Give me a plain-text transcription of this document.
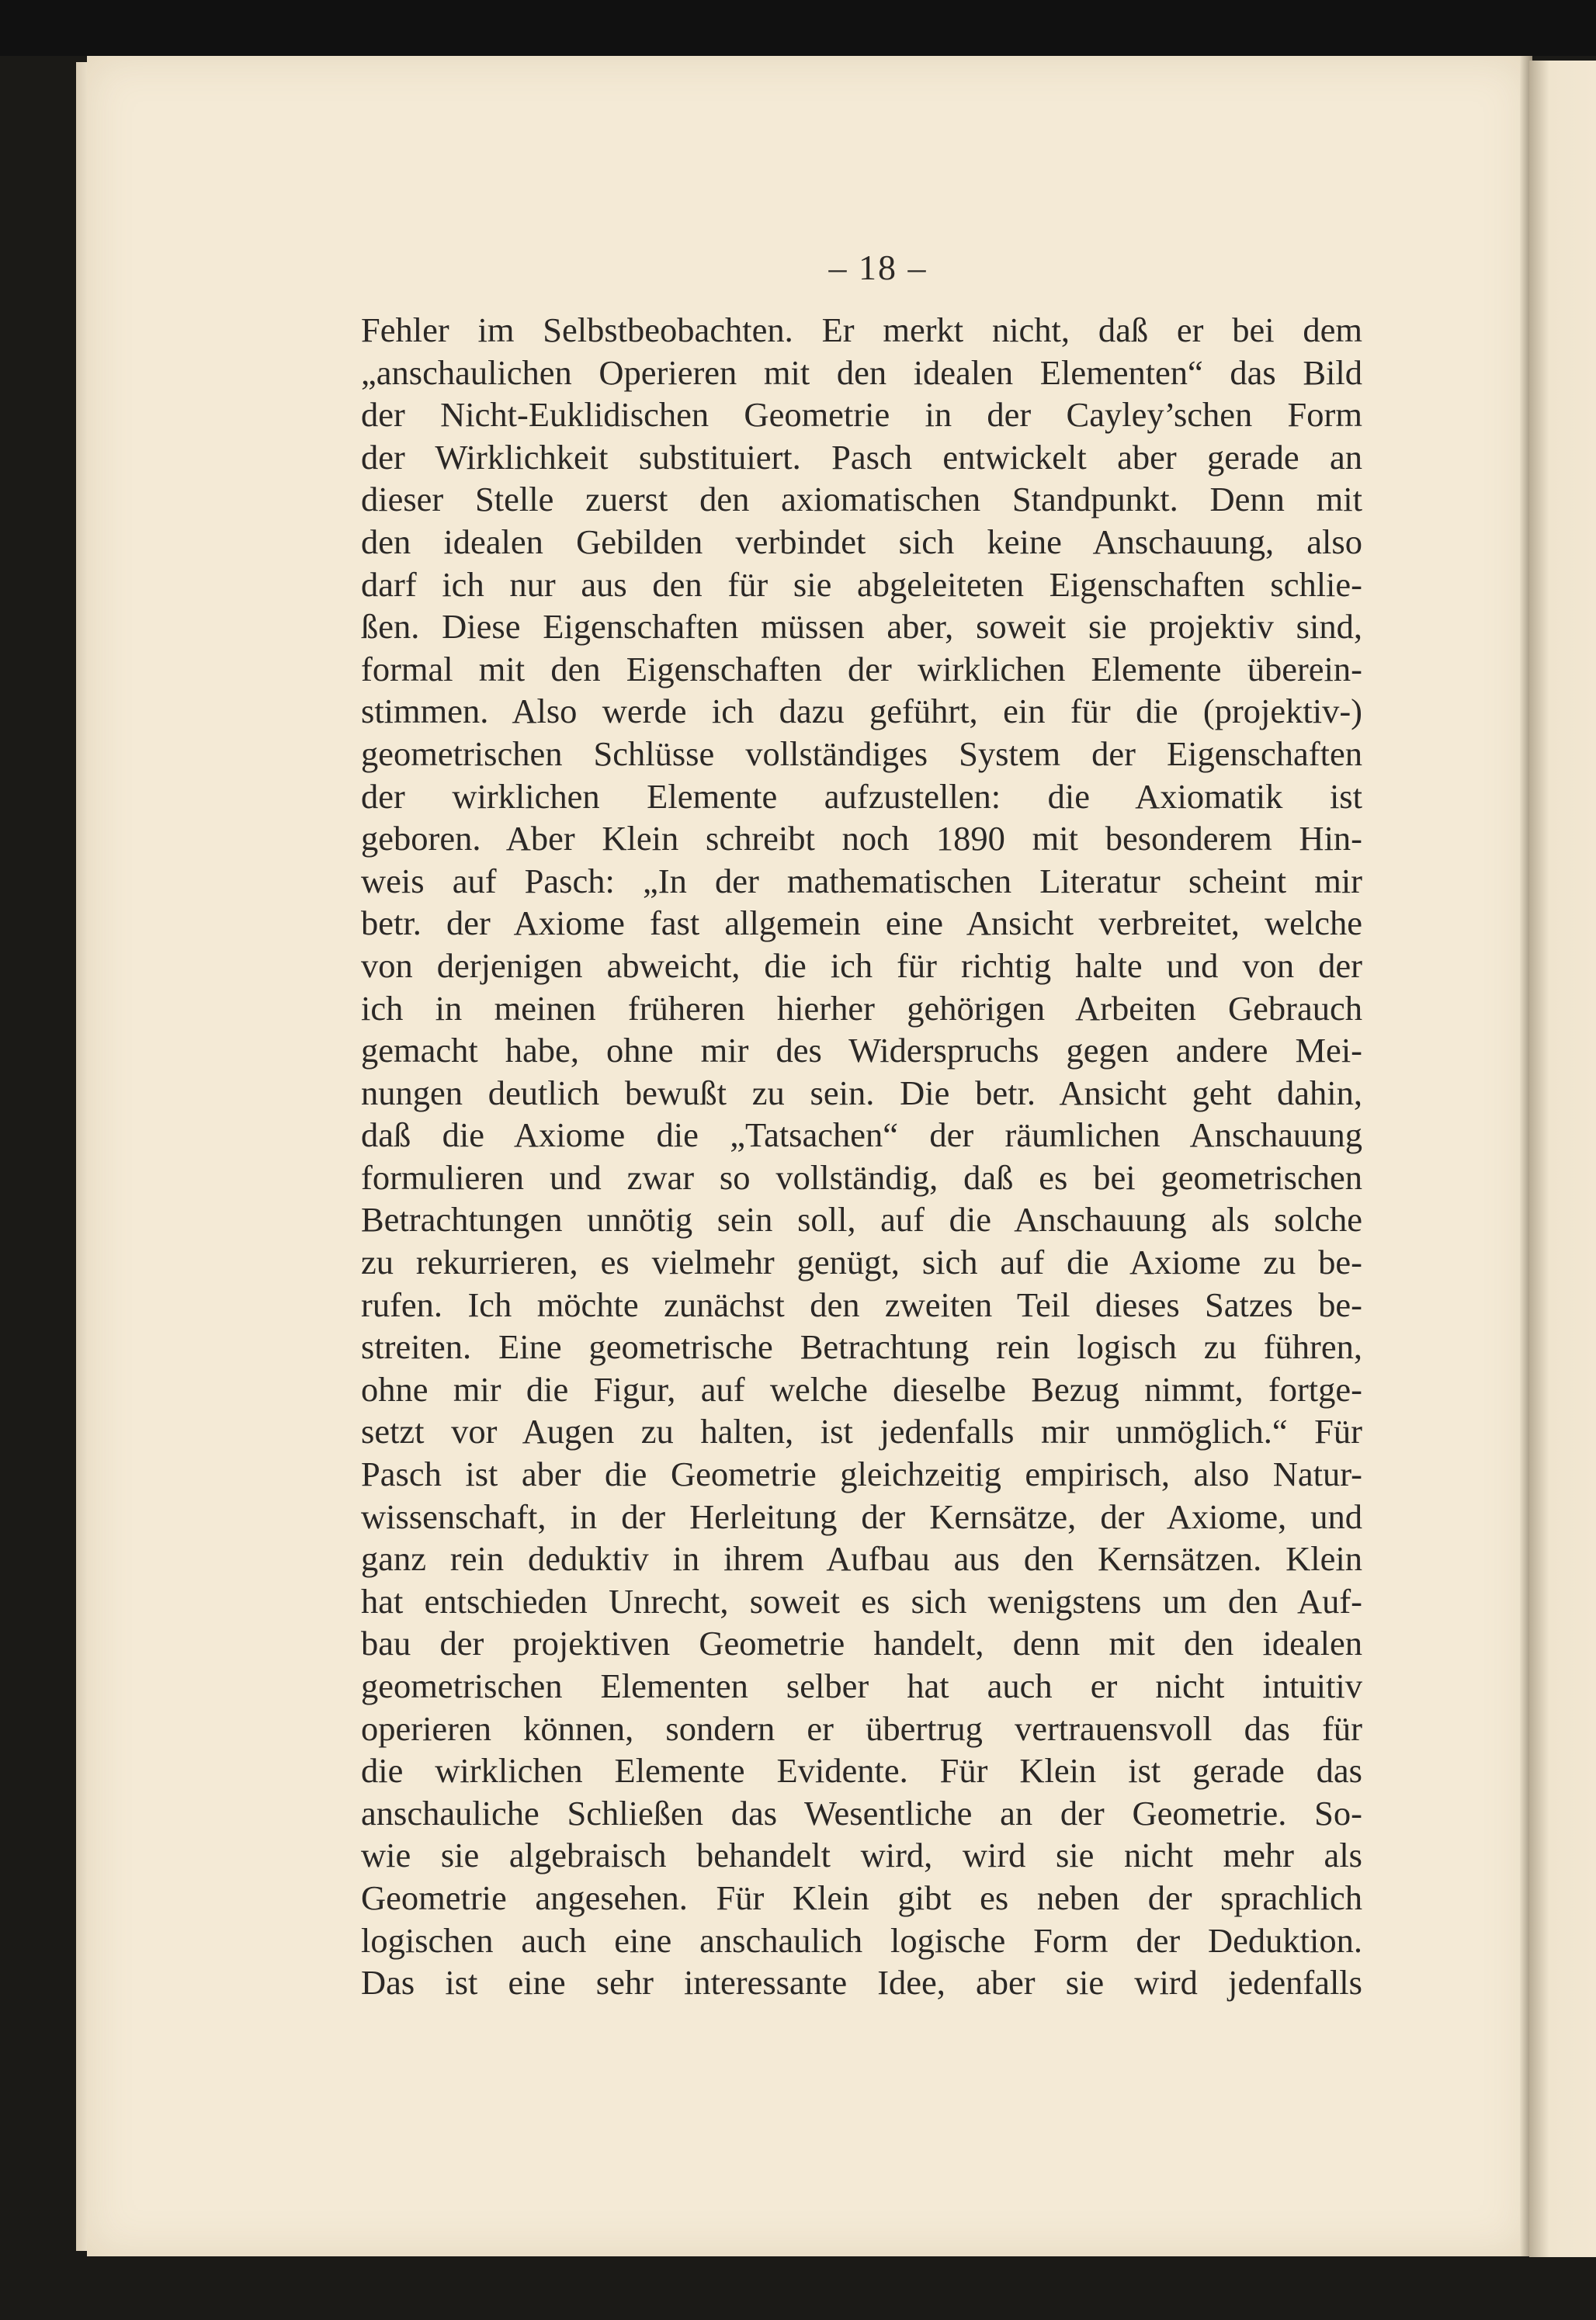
– 18 –
Fehler im Selbstbeobachten. Er merkt nicht, daß er bei dem
„anschaulichen Operieren mit den idealen Elementen“ das Bild
der Nicht-Euklidischen Geometrie in der Cayley’schen Form
der Wirklichkeit substituiert. Pasch entwickelt aber gerade an
dieser Stelle zuerst den axiomatischen Standpunkt. Denn mit
den idealen Gebilden verbindet sich keine Anschauung, also
darf ich nur aus den für sie abgeleiteten Eigenschaften schlie-
ßen. Diese Eigenschaften müssen aber, soweit sie projektiv sind,
formal mit den Eigenschaften der wirklichen Elemente überein-
stimmen. Also werde ich dazu geführt, ein für die (projektiv-)
geometrischen Schlüsse vollständiges System der Eigenschaften
der wirklichen Elemente aufzustellen: die Axiomatik ist
geboren. Aber Klein schreibt noch 1890 mit besonderem Hin-
weis auf Pasch: „In der mathematischen Literatur scheint mir
betr. der Axiome fast allgemein eine Ansicht verbreitet, welche
von derjenigen abweicht, die ich für richtig halte und von der
ich in meinen früheren hierher gehörigen Arbeiten Gebrauch
gemacht habe, ohne mir des Widerspruchs gegen andere Mei-
nungen deutlich bewußt zu sein. Die betr. Ansicht geht dahin,
daß die Axiome die „Tatsachen“ der räumlichen Anschauung
formulieren und zwar so vollständig, daß es bei geometrischen
Betrachtungen unnötig sein soll, auf die Anschauung als solche
zu rekurrieren, es vielmehr genügt, sich auf die Axiome zu be-
rufen. Ich möchte zunächst den zweiten Teil dieses Satzes be-
streiten. Eine geometrische Betrachtung rein logisch zu führen,
ohne mir die Figur, auf welche dieselbe Bezug nimmt, fortge-
setzt vor Augen zu halten, ist jedenfalls mir unmöglich.“ Für
Pasch ist aber die Geometrie gleichzeitig empirisch, also Natur-
wissenschaft, in der Herleitung der Kernsätze, der Axiome, und
ganz rein deduktiv in ihrem Aufbau aus den Kernsätzen. Klein
hat entschieden Unrecht, soweit es sich wenigstens um den Auf-
bau der projektiven Geometrie handelt, denn mit den idealen
geometrischen Elementen selber hat auch er nicht intuitiv
operieren können, sondern er übertrug vertrauensvoll das für
die wirklichen Elemente Evidente. Für Klein ist gerade das
anschauliche Schließen das Wesentliche an der Geometrie. So-
wie sie algebraisch behandelt wird, wird sie nicht mehr als
Geometrie angesehen. Für Klein gibt es neben der sprachlich
logischen auch eine anschaulich logische Form der Deduktion.
Das ist eine sehr interessante Idee, aber sie wird jedenfalls
